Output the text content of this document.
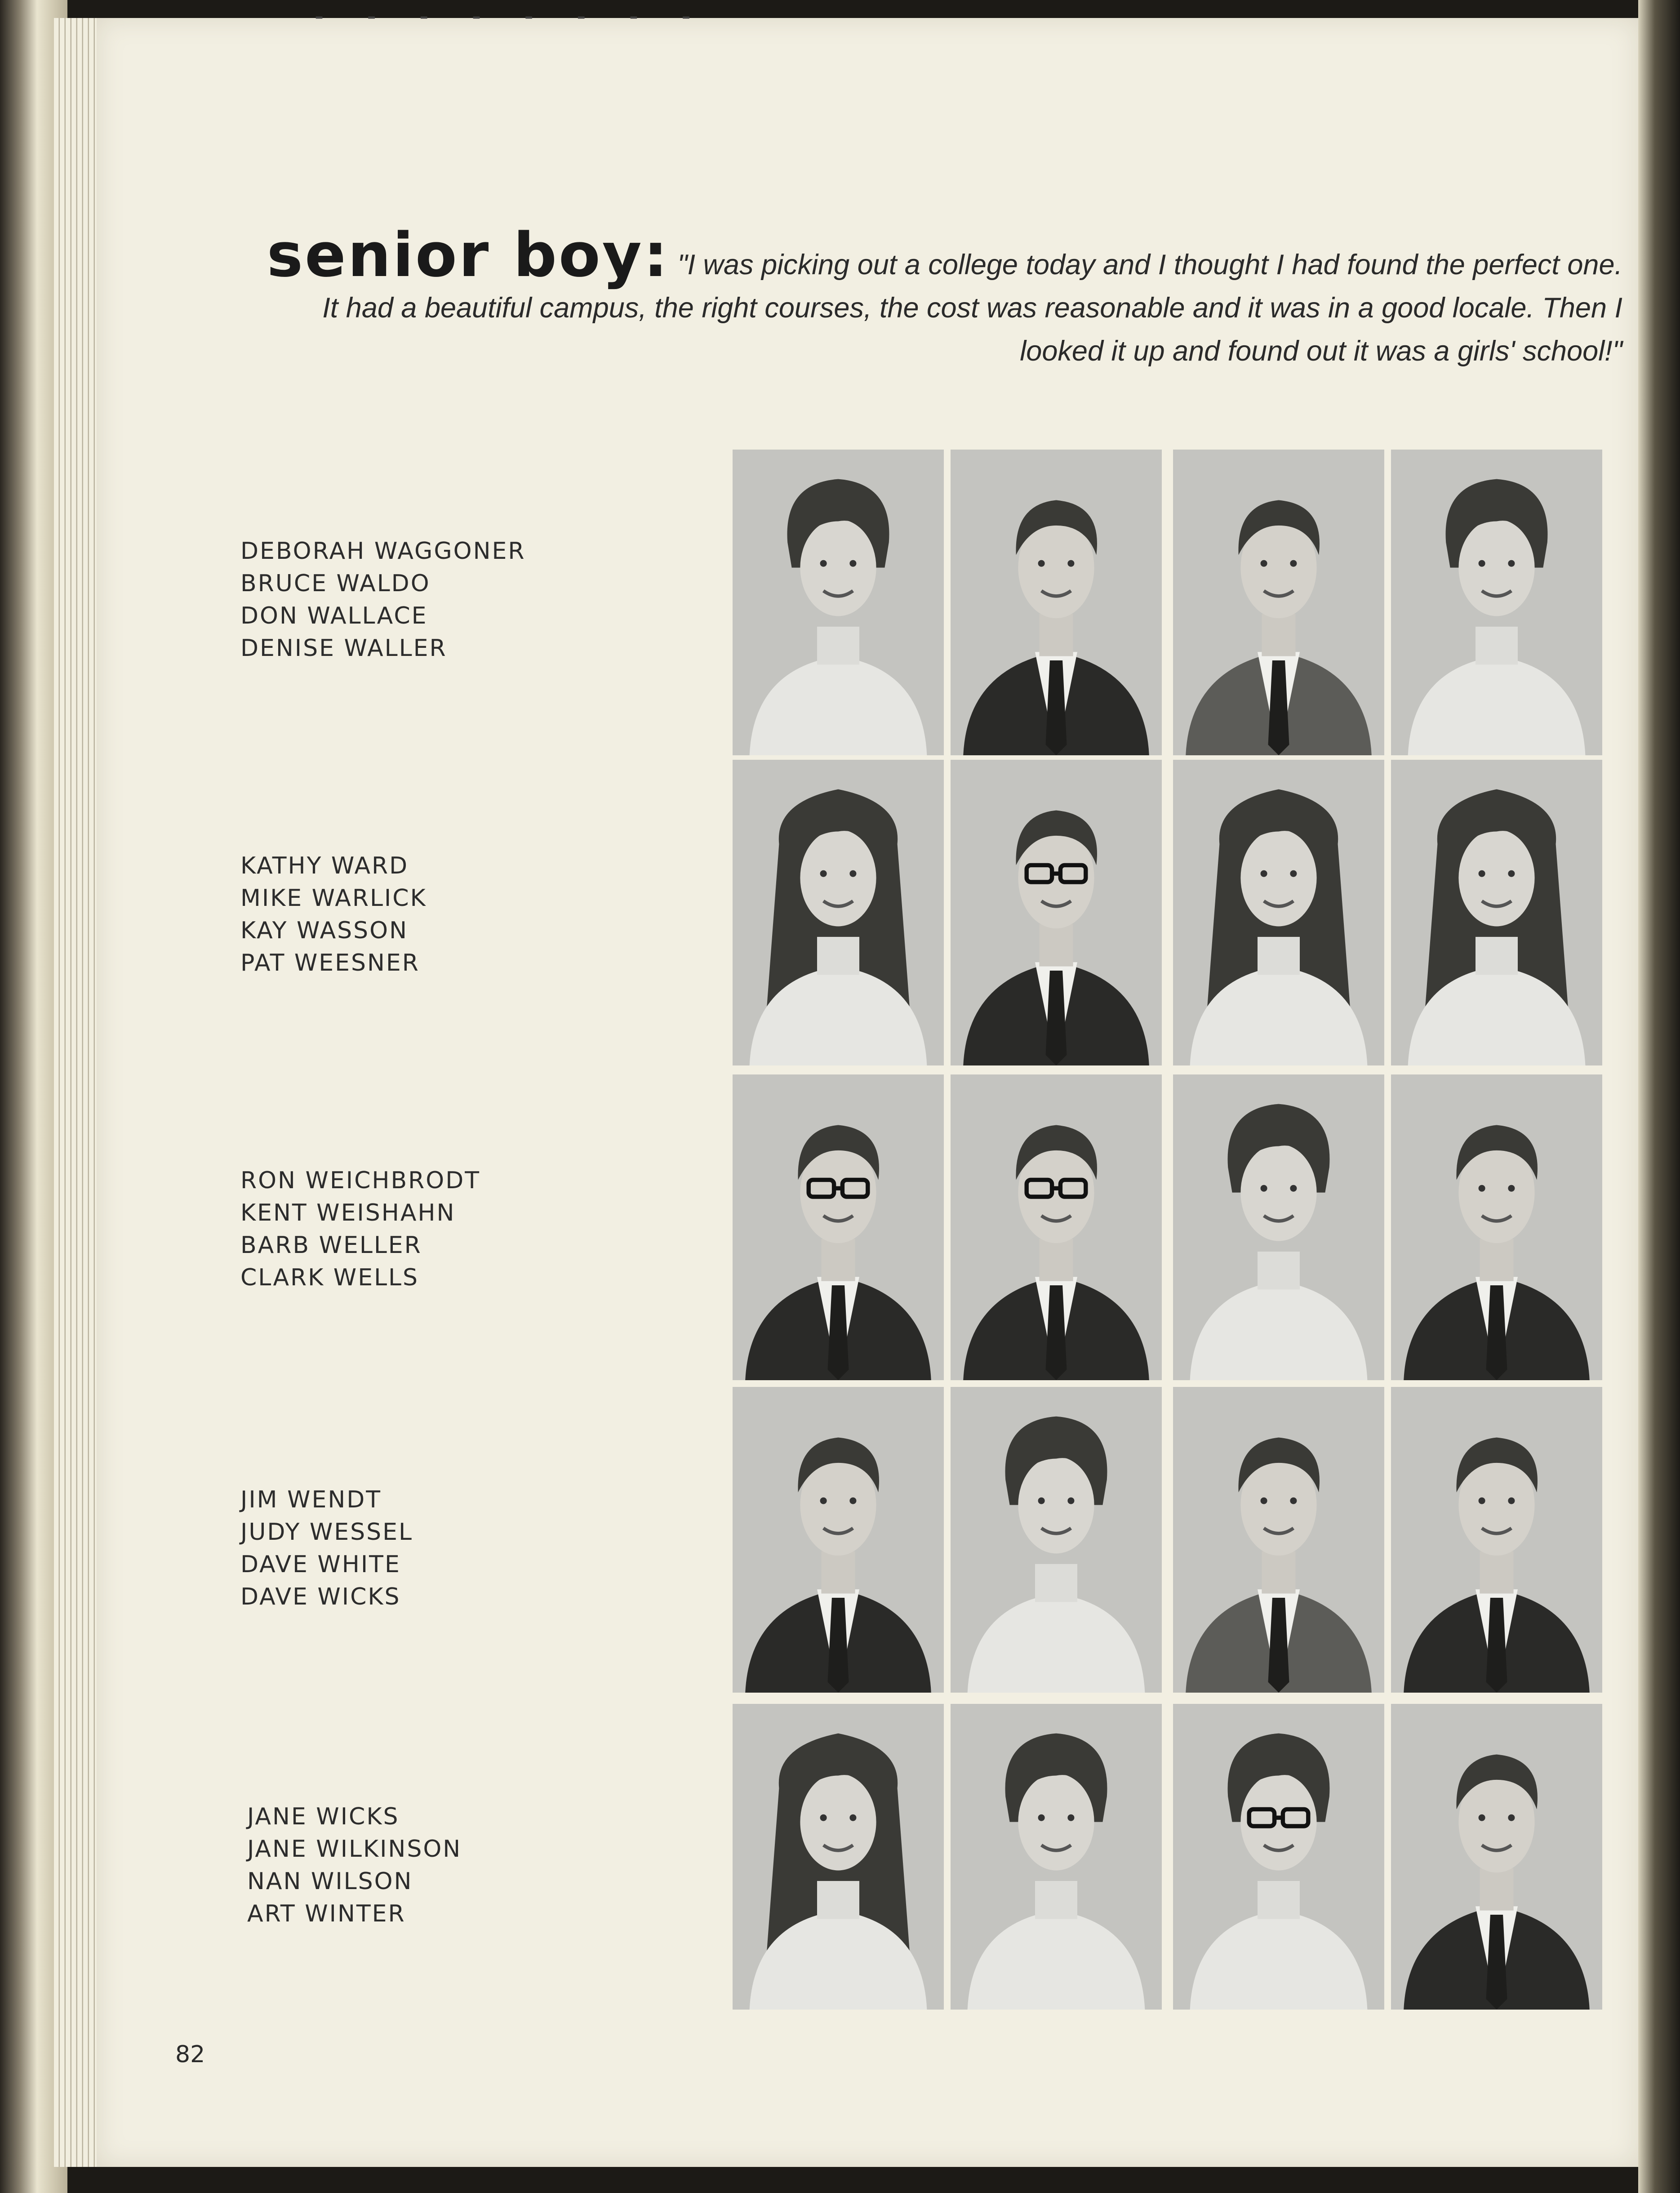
- - - - - - - -
senior boy: "I was picking out a college today and I thought I had found the perfect one. It had a beautiful campus, the right courses, the cost was reasonable and it was in a good locale. Then I looked it up and found out it was a girls' school!"
DEBORAH WAGGONER
BRUCE WALDO
DON WALLACE
DENISE WALLER
KATHY WARD
MIKE WARLICK
KAY WASSON
PAT WEESNER
RON WEICHBRODT
KENT WEISHAHN
BARB WELLER
CLARK WELLS
JIM WENDT
JUDY WESSEL
DAVE WHITE
DAVE WICKS
JANE WICKS
JANE WILKINSON
NAN WILSON
ART WINTER
82
